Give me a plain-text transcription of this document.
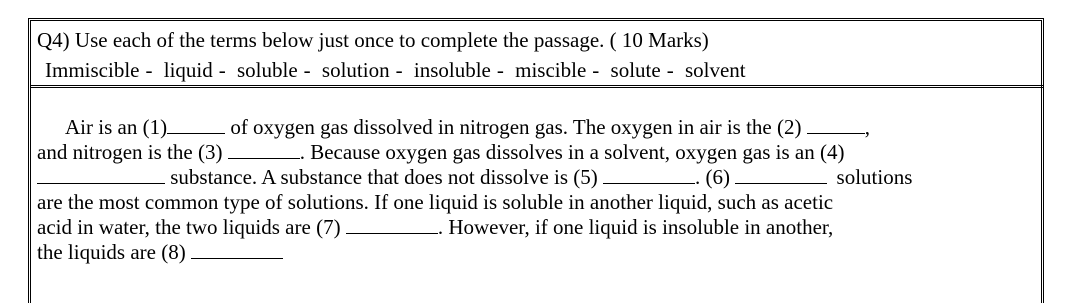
Q4) Use each of the terms below just once to complete the passage. ( 10 Marks)
Immiscible - liquid - soluble - solution - insoluble - miscible - solute - solvent
Air is an (1)	of oxygen gas dissolved in nitrogen gas. The oxygen in air is the (2)	,
and nitrogen is the (3)	. Because oxygen gas dissolves in a solvent, oxygen gas is an (4)
substance. A substance that does not dissolve is (5)	. (6)	solutions
are the most common type of solutions. If one liquid is soluble in another liquid, such as acetic
acid in water, the two liquids are (7)	. However, if one liquid is insoluble in another,
the liquids are (8)
